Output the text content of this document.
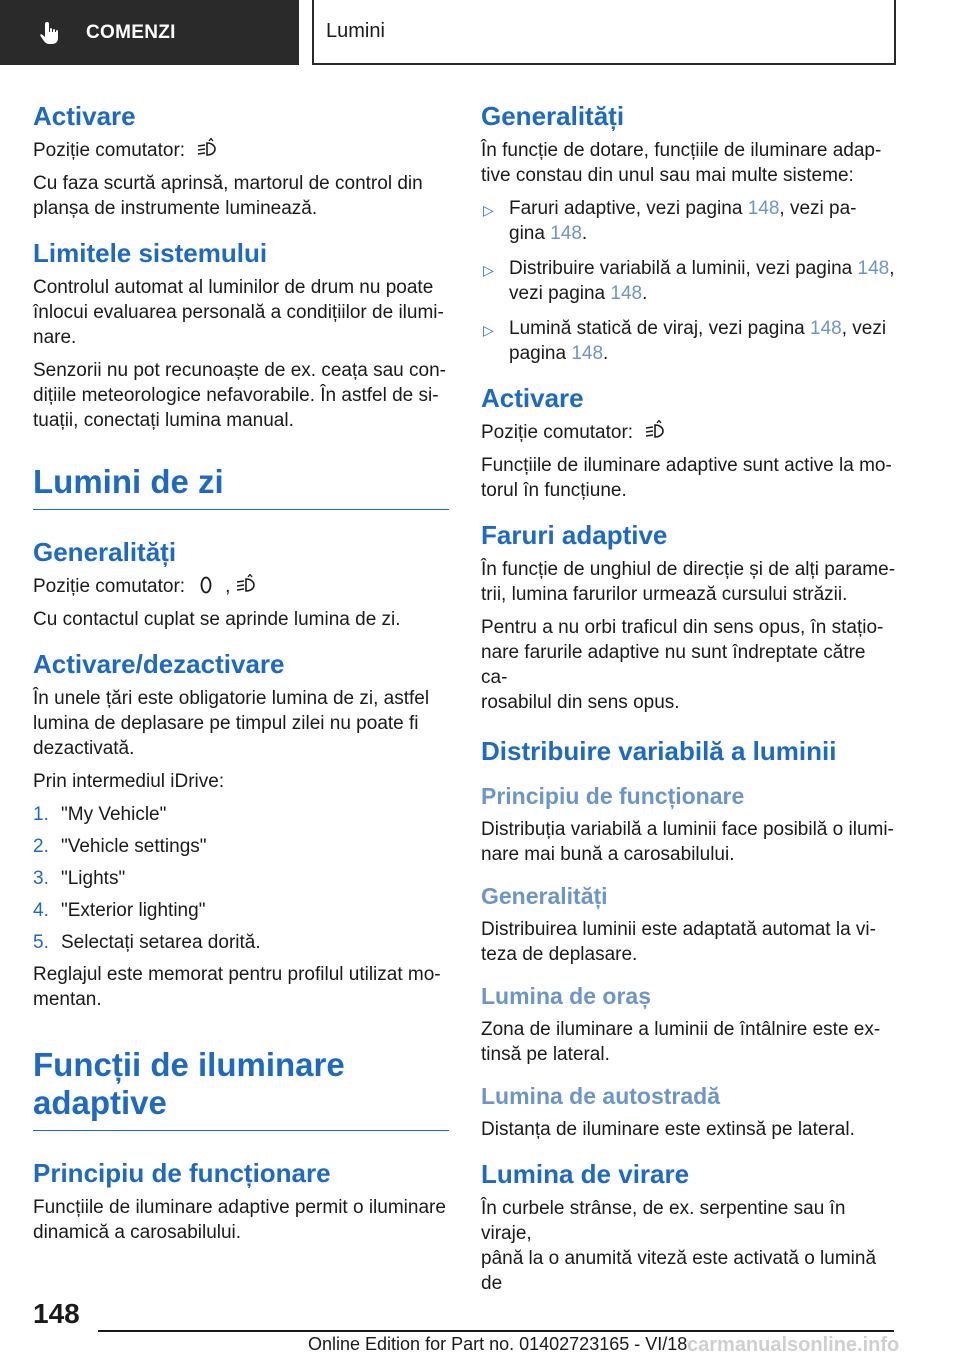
COMENZI	Lumini
Activare

Poziție comutator:

Cu faza scurtă aprinsă, martorul de control din
planșa de instrumente luminează.

Limitele sistemului

Controlul automat al luminilor de drum nu poate
înlocui evaluarea personală a condițiilor de ilumi-
nare.

Senzorii nu pot recunoaște de ex. ceața sau con-
dițiile meteorologice nefavorabile. În astfel de si-
tuații, conectați lumina manual.

Lumini de zi
Generalități

Poziție comutator: ,

Cu contactul cuplat se aprinde lumina de zi.

Activare/dezactivare

În unele țări este obligatorie lumina de zi, astfel
lumina de deplasare pe timpul zilei nu poate fi
dezactivată.

Prin intermediul iDrive:

1. "My Vehicle"
2. "Vehicle settings"
3. "Lights"
4. "Exterior lighting"
5. Selectați setarea dorită.

Reglajul este memorat pentru profilul utilizat mo-
mentan.

Funcții de iluminare
adaptive
Principiu de funcționare

Funcțiile de iluminare adaptive permit o iluminare
dinamică a carosabilului.

Generalități

În funcție de dotare, funcțiile de iluminare adap-
tive constau din unul sau mai multe sisteme:

▷ Faruri adaptive, vezi pagina 148, vezi pa-
gina 148.
▷ Distribuire variabilă a luminii, vezi pagina 148,
vezi pagina 148.
▷ Lumină statică de viraj, vezi pagina 148, vezi
pagina 148.
Activare

Poziție comutator:

Funcțiile de iluminare adaptive sunt active la mo-
torul în funcțiune.

Faruri adaptive

În funcție de unghiul de direcție și de alți parame-
trii, lumina farurilor urmează cursului străzii.

Pentru a nu orbi traficul din sens opus, în stațio-
nare farurile adaptive nu sunt îndreptate către ca-
rosabilul din sens opus.

Distribuire variabilă a luminii
Principiu de funcționare

Distribuția variabilă a luminii face posibilă o ilumi-
nare mai bună a carosabilului.

Generalități

Distribuirea luminii este adaptată automat la vi-
teza de deplasare.

Lumina de oraș

Zona de iluminare a luminii de întâlnire este ex-
tinsă pe lateral.

Lumina de autostradă

Distanța de iluminare este extinsă pe lateral.

Lumina de virare

În curbele strânse, de ex. serpentine sau în viraje,
până la o anumită viteză este activată o lumină de

148
Online Edition for Part no. 01402723165 - VI/18 carmanualsonline.info
